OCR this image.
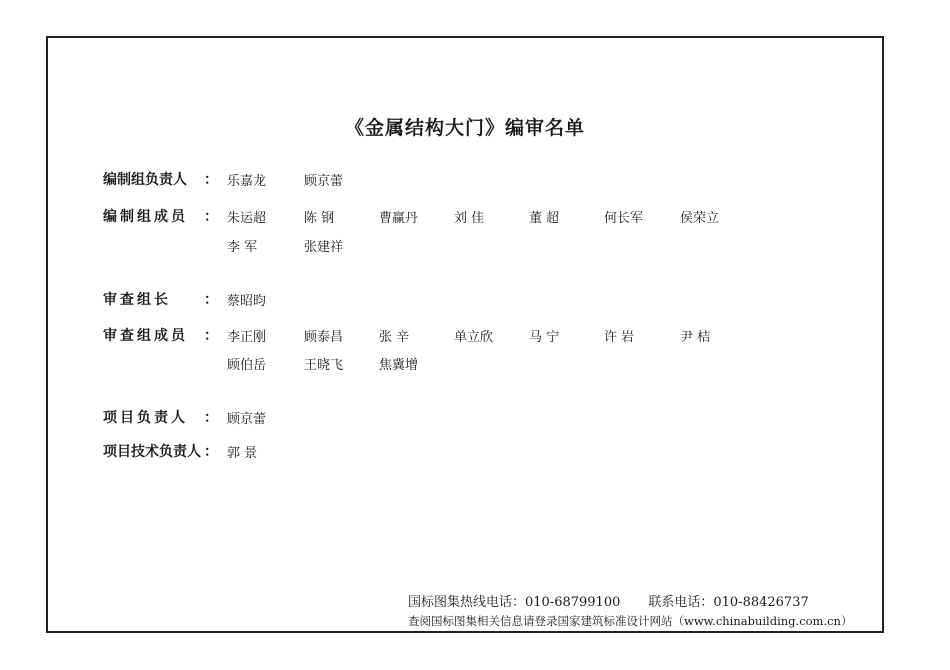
《金属结构大门》编审名单
编制组负责人	： 乐嘉龙	顾京蕾
编制组成员	： 朱运超	陈 钢	曹赢丹	刘 佳	董 超	何长军	侯荣立
李 军	张建祥
审查组长	： 蔡昭昀
审查组成员	： 李正刚	顾泰昌	张 辛	单立欣	马 宁	许 岩	尹 桔
顾伯岳	王晓飞	焦冀增
项目负责人	： 顾京蕾
项目技术负责人 ： 郭 景
国标图集热线电话：010-68799100 联系电话：010-88426737
查阅国标图集相关信息请登录国家建筑标准设计网站（www.chinabuilding.com.cn）
